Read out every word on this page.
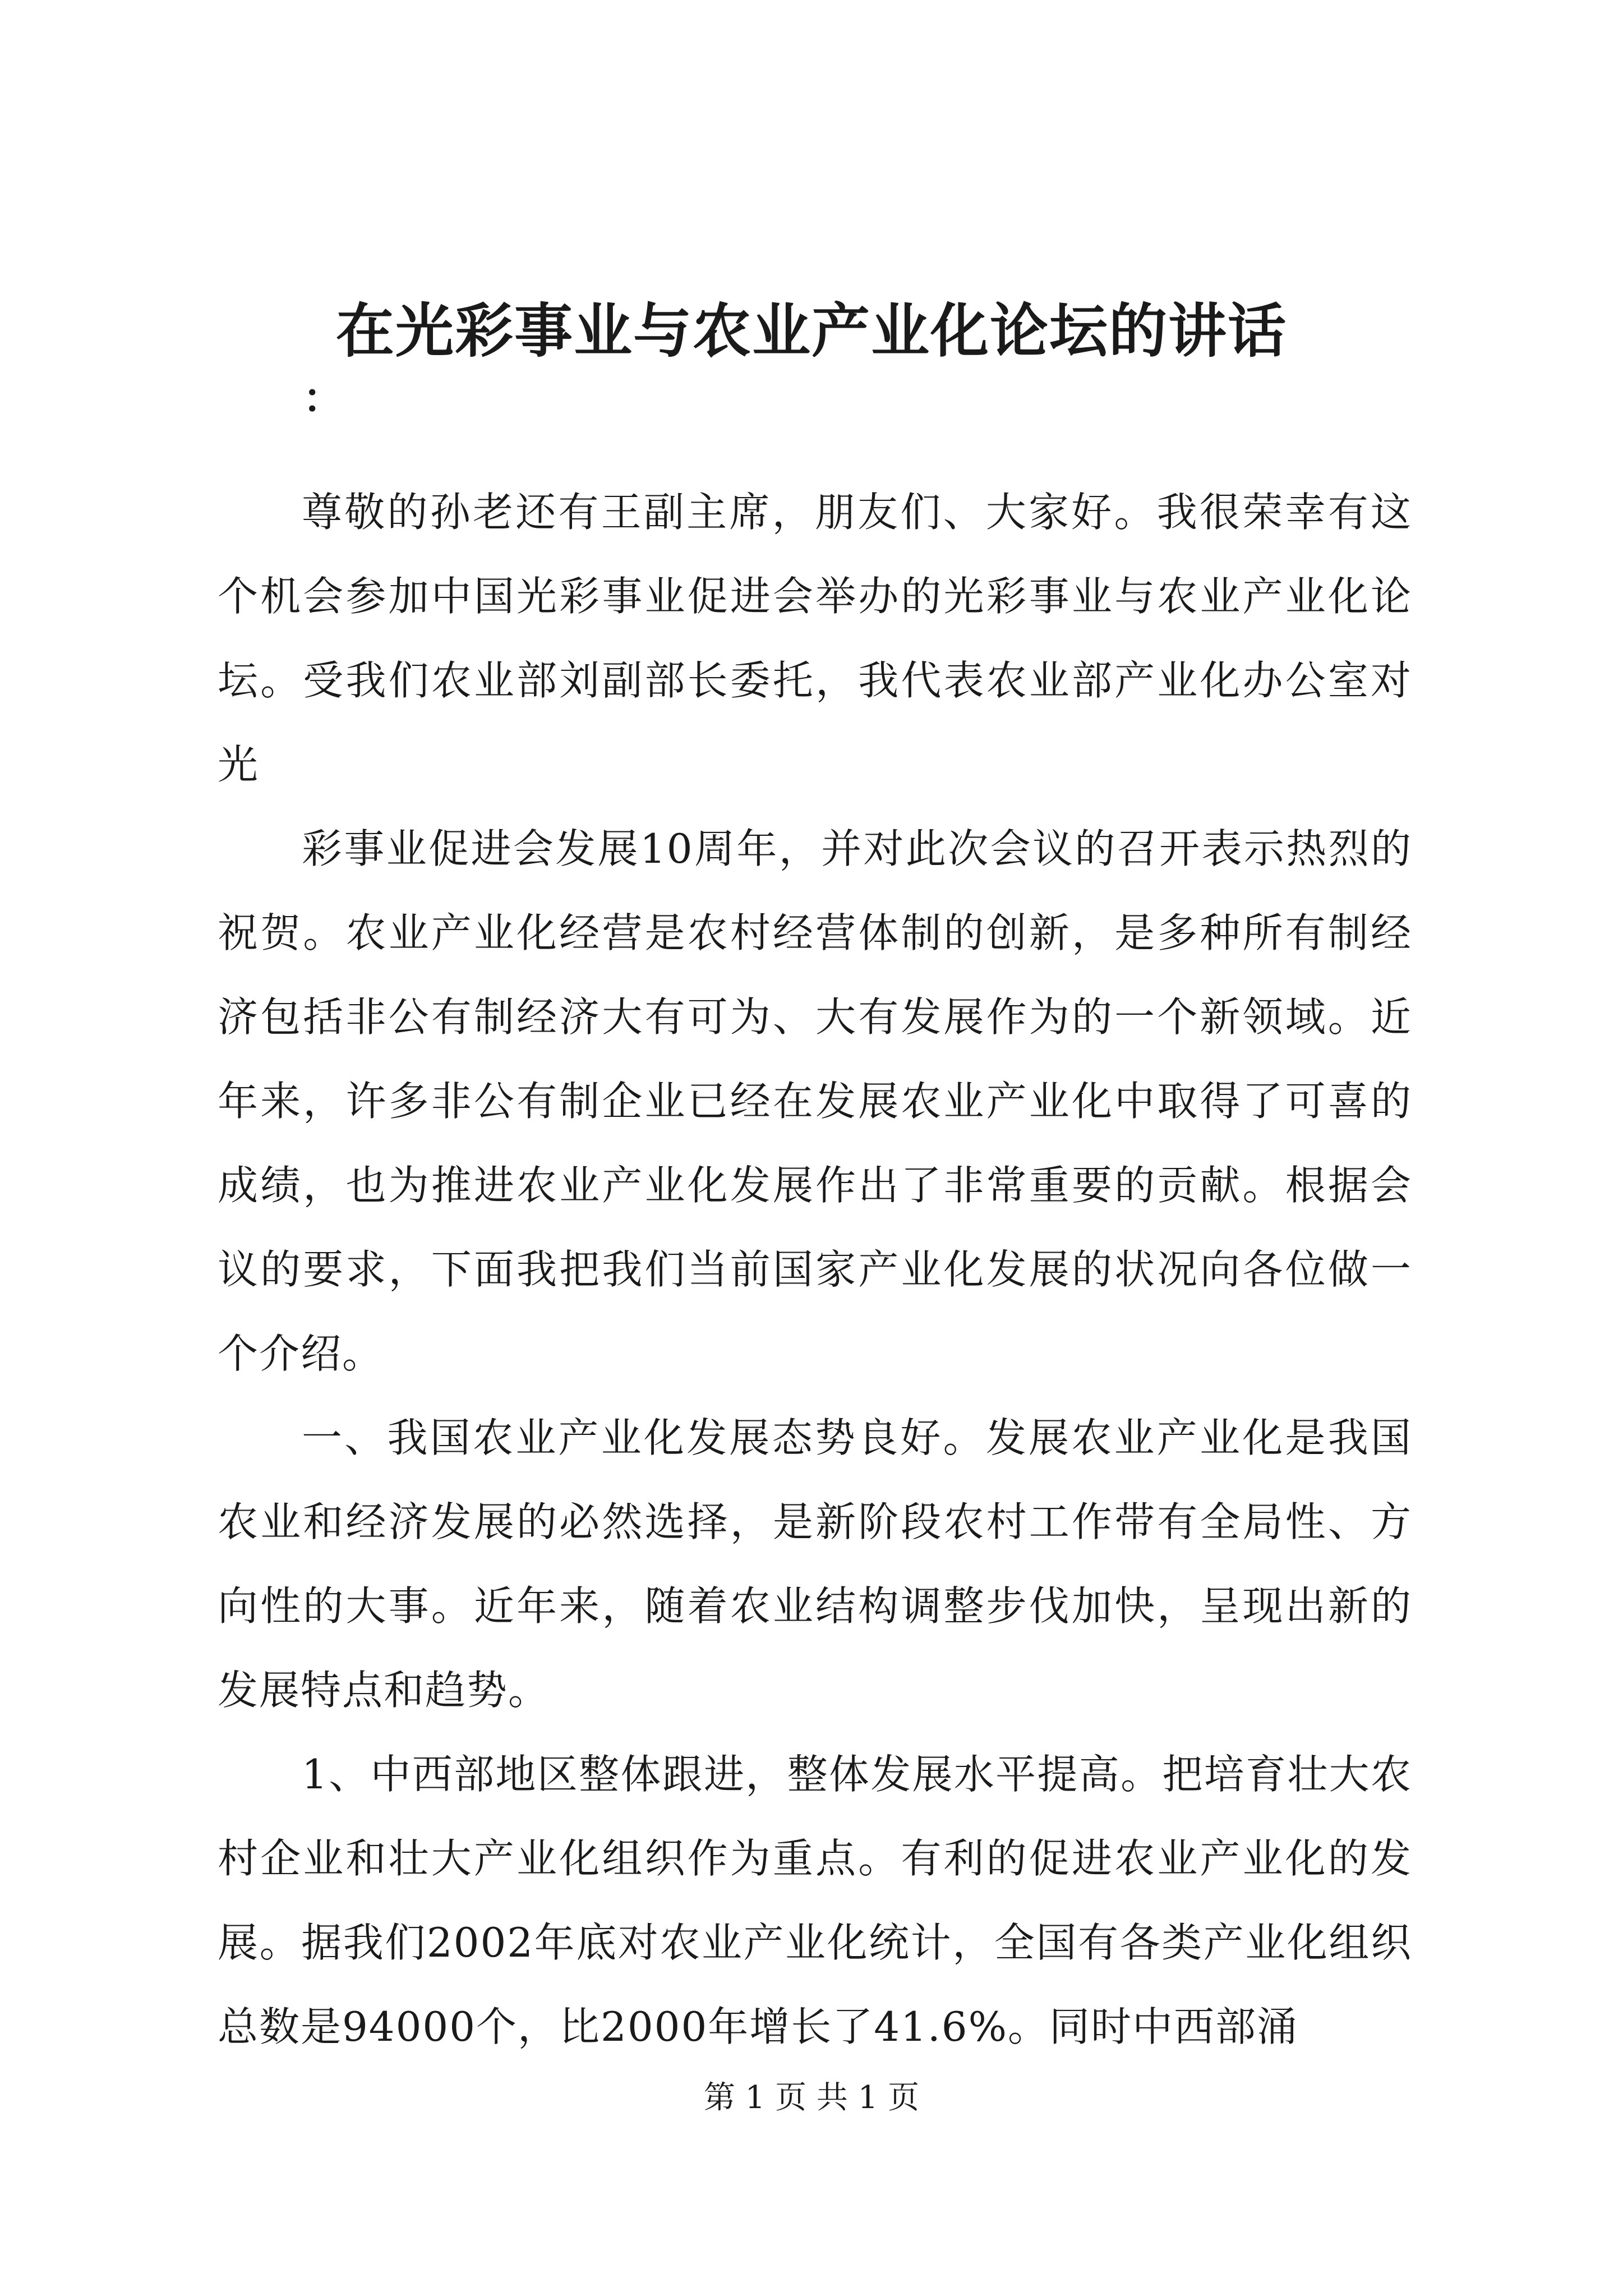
在光彩事业与农业产业化论坛的讲话

：

尊敬的孙老还有王副主席，朋友们、大家好。我很荣幸有这个机会参加中国光彩事业促进会举办的光彩事业与农业产业化论坛。受我们农业部刘副部长委托，我代表农业部产业化办公室对光

彩事业促进会发展10周年，并对此次会议的召开表示热烈的祝贺。农业产业化经营是农村经营体制的创新，是多种所有制经济包括非公有制经济大有可为、大有发展作为的一个新领域。近年来，许多非公有制企业已经在发展农业产业化中取得了可喜的成绩，也为推进农业产业化发展作出了非常重要的贡献。根据会议的要求，下面我把我们当前国家产业化发展的状况向各位做一个介绍。

一、我国农业产业化发展态势良好。发展农业产业化是我国农业和经济发展的必然选择，是新阶段农村工作带有全局性、方向性的大事。近年来，随着农业结构调整步伐加快，呈现出新的发展特点和趋势。

1、中西部地区整体跟进，整体发展水平提高。把培育壮大农村企业和壮大产业化组织作为重点。有利的促进农业产业化的发展。据我们2002年底对农业产业化统计，全国有各类产业化组织总数是94000个，比2000年增长了41.6%。同时中西部涌

第 1 页 共 1 页
